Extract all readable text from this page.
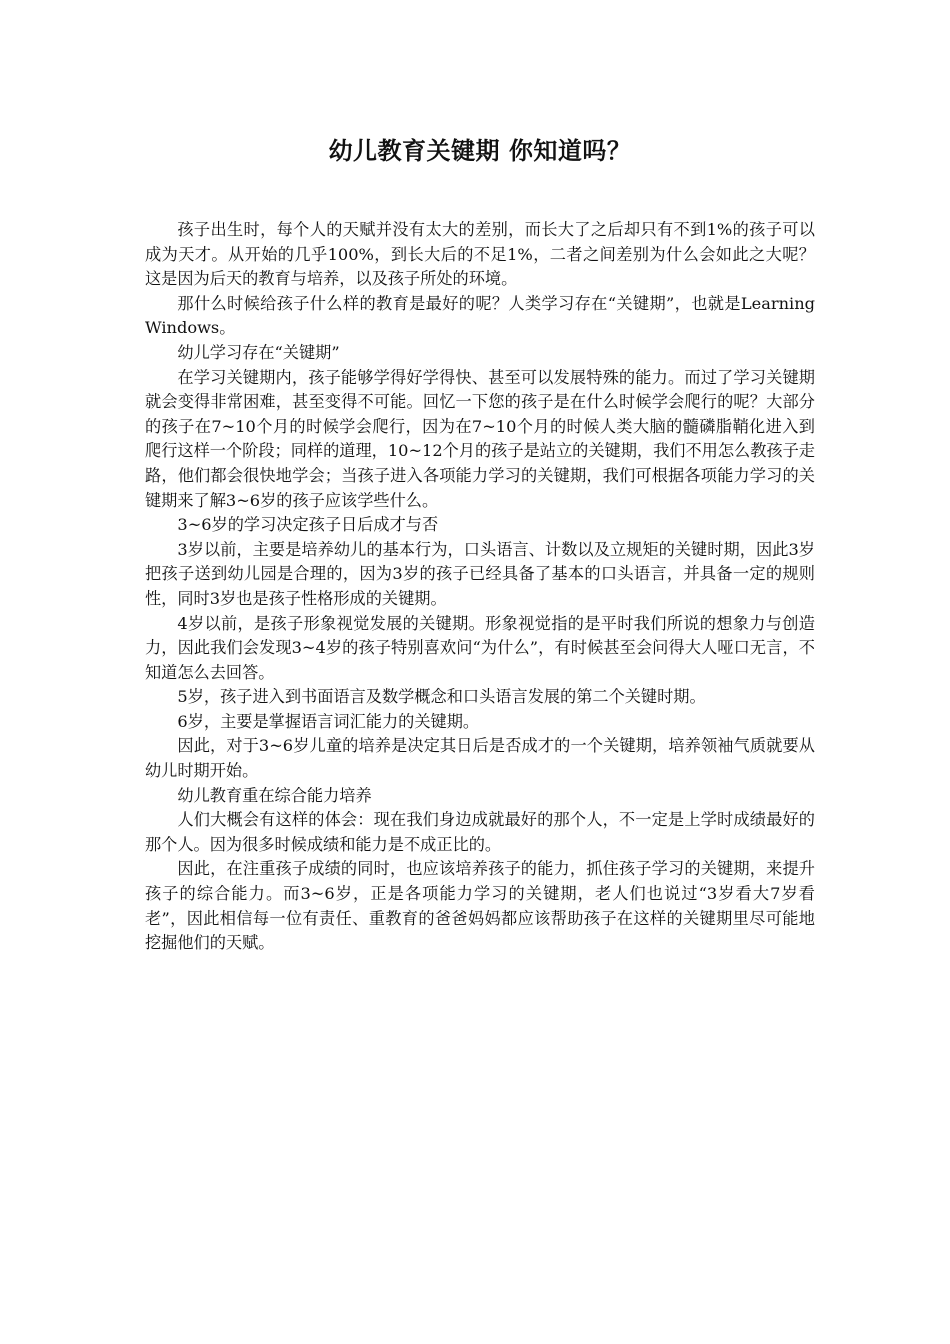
幼儿教育关键期 你知道吗？

孩子出生时，每个人的天赋并没有太大的差别，而长大了之后却只有不到1%的孩子可以成为天才。从开始的几乎100%，到长大后的不足1%，二者之间差别为什么会如此之大呢？这是因为后天的教育与培养，以及孩子所处的环境。

那什么时候给孩子什么样的教育是最好的呢？人类学习存在“关键期”，也就是Learning Windows。

幼儿学习存在“关键期”

在学习关键期内，孩子能够学得好学得快、甚至可以发展特殊的能力。而过了学习关键期就会变得非常困难，甚至变得不可能。回忆一下您的孩子是在什么时候学会爬行的呢？大部分的孩子在7~10个月的时候学会爬行，因为在7~10个月的时候人类大脑的髓磷脂鞘化进入到爬行这样一个阶段；同样的道理，10~12个月的孩子是站立的关键期，我们不用怎么教孩子走路，他们都会很快地学会；当孩子进入各项能力学习的关键期，我们可根据各项能力学习的关键期来了解3~6岁的孩子应该学些什么。

3~6岁的学习决定孩子日后成才与否

3岁以前，主要是培养幼儿的基本行为，口头语言、计数以及立规矩的关键时期，因此3岁把孩子送到幼儿园是合理的，因为3岁的孩子已经具备了基本的口头语言，并具备一定的规则性，同时3岁也是孩子性格形成的关键期。

4岁以前，是孩子形象视觉发展的关键期。形象视觉指的是平时我们所说的想象力与创造力，因此我们会发现3~4岁的孩子特别喜欢问“为什么”，有时候甚至会问得大人哑口无言，不知道怎么去回答。

5岁，孩子进入到书面语言及数学概念和口头语言发展的第二个关键时期。

6岁，主要是掌握语言词汇能力的关键期。

因此，对于3~6岁儿童的培养是决定其日后是否成才的一个关键期，培养领袖气质就要从幼儿时期开始。

幼儿教育重在综合能力培养

人们大概会有这样的体会：现在我们身边成就最好的那个人，不一定是上学时成绩最好的那个人。因为很多时候成绩和能力是不成正比的。

因此，在注重孩子成绩的同时，也应该培养孩子的能力，抓住孩子学习的关键期，来提升孩子的综合能力。而3~6岁，正是各项能力学习的关键期，老人们也说过“3岁看大7岁看老”，因此相信每一位有责任、重教育的爸爸妈妈都应该帮助孩子在这样的关键期里尽可能地挖掘他们的天赋。
